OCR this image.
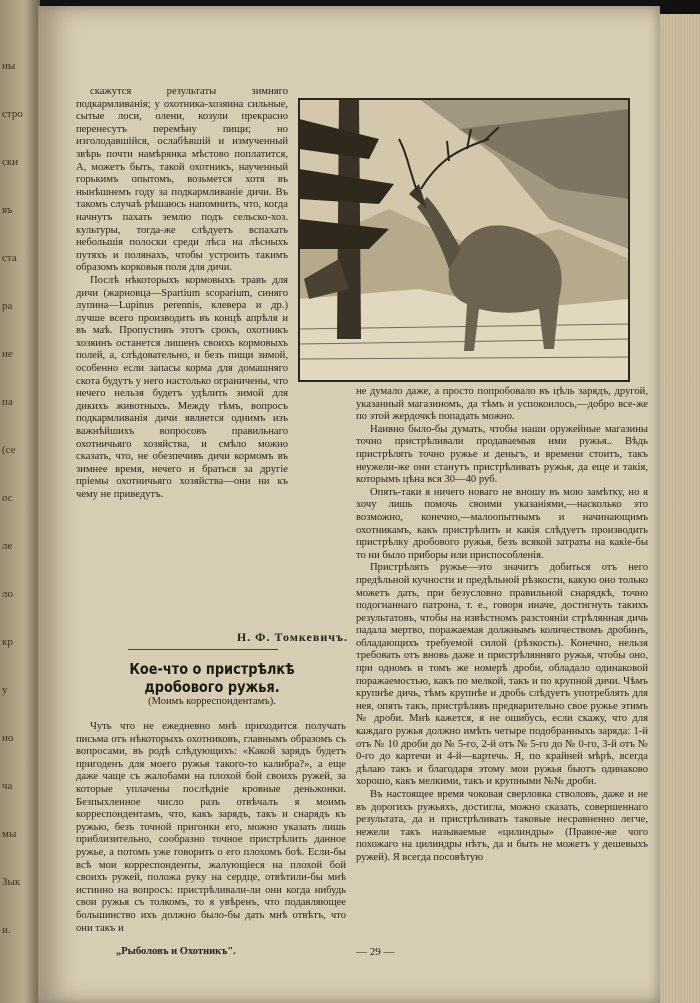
ны
стро
ски
въ
ста
ра
не
па
(се
ос
ле
ло
кр
у
но
ча
мы
Зык
и.

скажутся результаты зимняго подкармливанія; у охотника-хозяина сильные, сытые лоси, олени, козули прекрасно перенесутъ перемѣну пищи; но изголодавшійся, ослабѣвшій и измученный звѣрь почти намѣрянка мѣстово поплатится, А, можетъ быть, такой охотникъ, наученный горькимъ опытомъ, возьмется хотя въ нынѣшнемъ году за подкармливаніе дичи. Въ такомъ случаѣ рѣшаюсь напомнить, что, когда начнутъ пахать землю подъ сельско-хоз. культуры, тогда-же слѣдуетъ вспахать небольшія полоски среди лѣса на лѣсныхъ путяхъ и полянахъ, чтобы устроить такимъ образомъ корковыя поля для дичи.

Послѣ нѣкоторыхъ кормовыхъ травъ для дичи (жарновца—Spartium scoparium, синяго лупина—Lupinus perennis, клевера и др.) лучше всего производить въ концѣ апрѣля и въ маѣ. Пропустивъ этотъ срокъ, охотникъ хозяинъ останется лишенъ своихъ кормовыхъ полей, а, слѣдовательно, и безъ пищи зимой, особенно если запасы корма для домашняго скота будутъ у него настолько ограничены, что нечего нельзя будетъ удѣлить зимой для дикихъ животныхъ. Между тѣмъ, вопросъ подкармливанія дичи является однимъ изъ важнѣйшихъ вопросовъ правильнаго охотничьяго хозяйства, и смѣло можно сказать, что, не обезпечивъ дичи кормомъ въ зимнее время, нечего и браться за другіе пріемы охотничьяго хозяйства—они ни къ чему не приведутъ.

Н. Ф. Томкевичъ.
Кое-что о пристрѣлкѣ дробового ружья.
(Моимъ корреспондентамъ).

Чуть что не ежедневно мнѣ приходится получать письма отъ нѣкоторыхъ охотниковъ, главнымъ образомъ съ вопросами, въ родѣ слѣдующихъ: «Какой зарядъ будетъ пригоденъ для моего ружья такого-то калибра?», а еще даже чаще съ жалобами на плохой бой своихъ ружей, за которые уплачены послѣдніе кровные деньжонки. Безпыхленное число разъ отвѣчалъ я моимъ корреспондентамъ, что, какъ зарядъ, такъ и снарядъ къ ружью, безъ точной пригонки его, можно указать лишь приблизительно, сообразно точное пристрѣлить данное ружье, а потомъ уже говорить о его плохомъ боѣ. Если-бы всѣ мои корреспонденты, жалующіеся на плохой бой своихъ ружей, положа руку на сердце, отвѣтили-бы мнѣ истинно на вопросъ: пристрѣливали-ли они когда нибудь свои ружья съ толкомъ, то я увѣренъ, что подавляющее большинство ихъ должно было-бы дать мнѣ отвѣтъ, что они такъ и

не думало даже, а просто попробовало въ цѣль зарядъ, другой, указанный магазиномъ, да тѣмъ и успокоилось,—добро все-же по этой жердочкѣ попадать можно.

Наивно было-бы думать, чтобы наши оружейные магазины точно пристрѣливали продаваемыя ими ружья.. Вѣдь пристрѣлять точно ружье и деньгъ, и времени стоитъ, такъ неужели-же они станутъ пристрѣливать ружья, да еще и такія, которымъ цѣна вся 30—40 руб.

Опять-таки я ничего новаго не вношу въ мою замѣтку, но я хочу лишь помочь своими указаніями,—насколько это возможно, конечно,—малоопытнымъ и начинающимъ охотникамъ, какъ пристрѣлить и какія слѣдуетъ производить пристрѣлку дробового ружья, безъ всякой затраты на какіе-бы то ни было приборы или приспособленія.

Пристрѣлять ружье—это значитъ добиться отъ него предѣльной кучности и предѣльной рѣзкости, какую оно только можетъ дать, при безусловно правильной снарядкѣ, точно подогнаннаго патрона, т. е., говоря иначе, достигнуть такихъ результатовъ, чтобы на извѣстномъ разстояніи стрѣлянная дичь падала мертво, поражаемая должнымъ количествомъ дробинъ, обладающихъ требуемой силой (рѣзкость). Конечно, нельзя требовать отъ вновь даже и пристрѣлянняго ружья, чтобы оно, при одномъ и томъ же номерѣ дроби, обладало одинаковой поражаемостью, какъ по мелкой, такъ и по крупной дичи. Чѣмъ крупнѣе дичь, тѣмъ крупнѣе и дробь слѣдуетъ употреблять для нея, опять такъ, пристрѣлявъ предварительно свое ружье этимъ № дроби. Мнѣ кажется, я не ошибусь, если скажу, что для каждаго ружья должно имѣть четыре подобранныхъ заряда: 1-й отъ № 10 дроби до № 5-го, 2-й отъ № 5-го до № 0-го, 3-й отъ № 0-го до картечи и 4-й—картечь. Я, по крайней мѣрѣ, всегда дѣлаю такъ и благодаря этому мои ружья бьютъ одинаково хорошо, какъ мелкими, такъ и крупными №№ дроби.

Въ настоящее время чоковая сверловка стволовъ, даже и не въ дорогихъ ружьяхъ, достигла, можно сказать, совершеннаго результата, да и пристрѣливать таковые несравненно легче, нежели такъ называемые «цилиндры» (Правое-же чого похожаго на цилиндры нѣтъ, да и быть не можетъ у дешевыхъ ружей). Я всегда посовѣтую

„Рыболовъ и Охотникъ".	— 29 —
